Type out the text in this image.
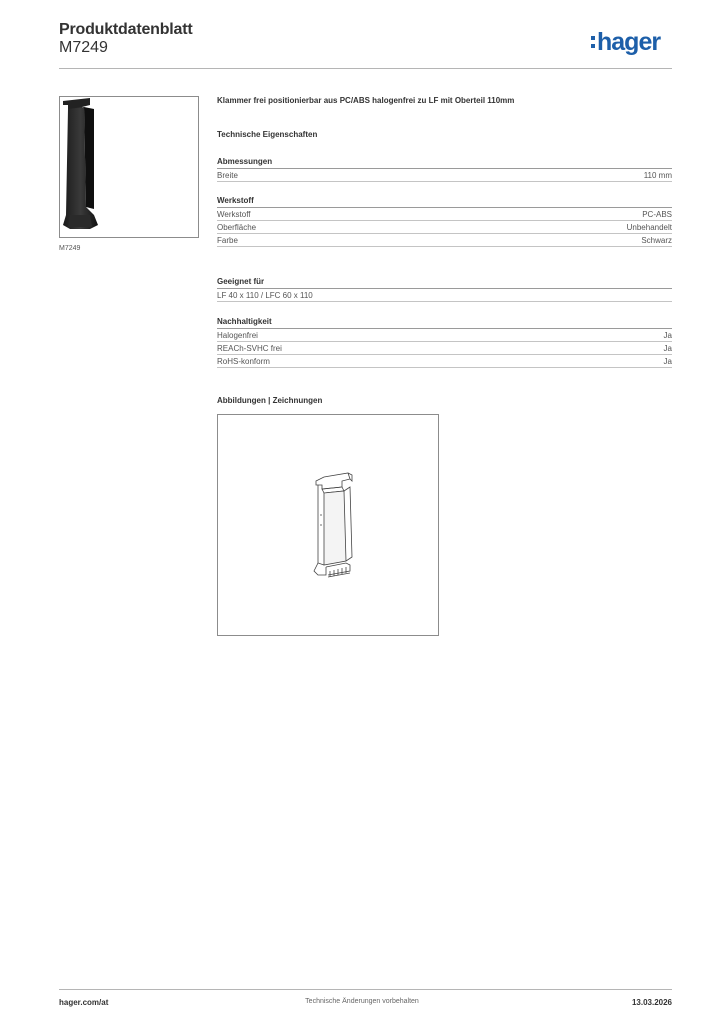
Produktdatenblatt
M7249	hager
M7249
Klammer frei positionierbar aus PC/ABS halogenfrei zu LF mit Oberteil 110mm
Technische Eigenschaften
Abmessungen
Breite	110 mm
Werkstoff
Werkstoff	PC-ABS
Oberfläche	Unbehandelt
Farbe	Schwarz
Geeignet für
LF 40 x 110 / LFC 60 x 110
Nachhaltigkeit
Halogenfrei	Ja
REACh-SVHC frei	Ja
RoHS-konform	Ja
Abbildungen | Zeichnungen
hager.com/at	Technische Änderungen vorbehalten	13.03.2026
